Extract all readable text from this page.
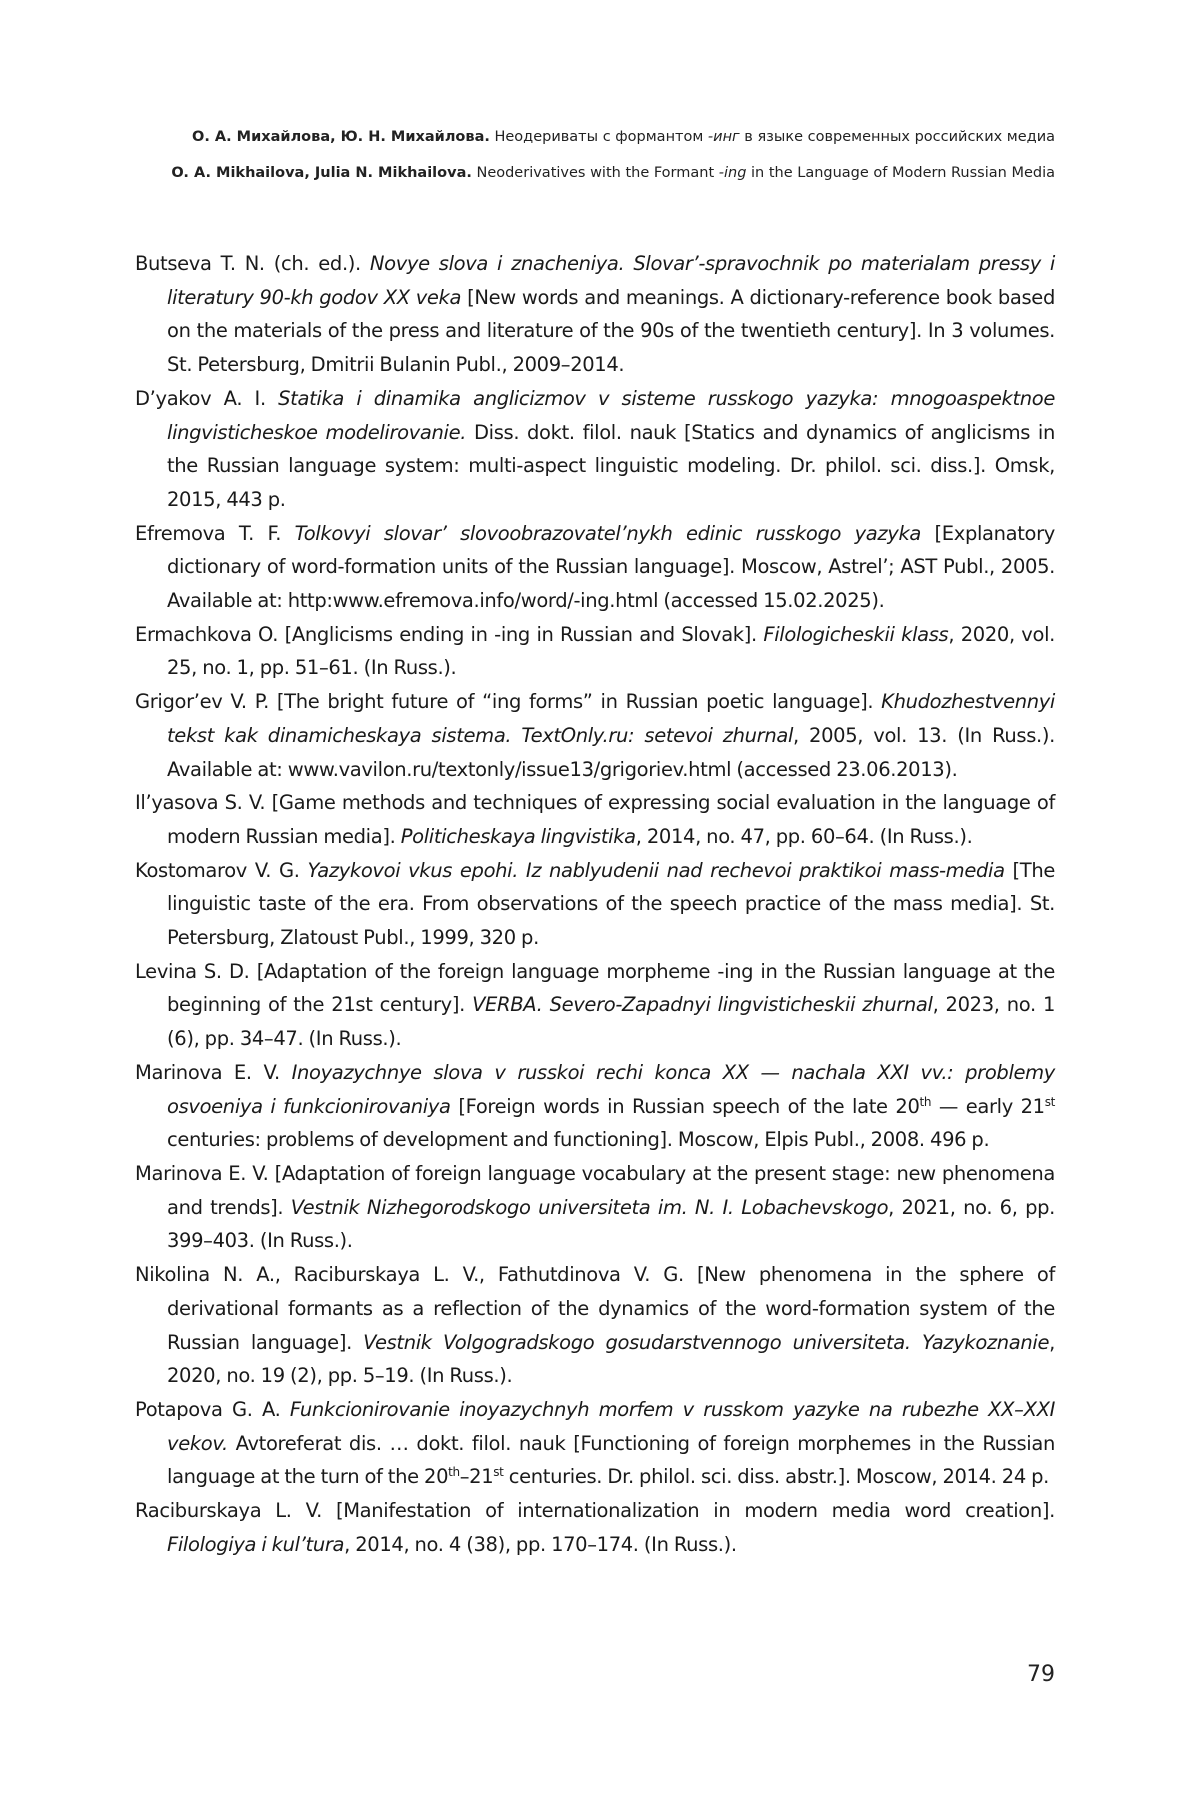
О. А. Михайлова, Ю. Н. Михайлова. Неодериваты с формантом -инг в языке современных российских медиа
O. A. Mikhailova, Julia N. Mikhailova. Neoderivatives with the Formant -ing in the Language of Modern Russian Media

Butseva T. N. (ch. ed.). Novye slova i znacheniya. Slovar’-spravochnik po materialam pressy i literatury 90-kh godov XX veka [New words and meanings. A dictionary-reference book based on the materials of the press and literature of the 90s of the twentieth century]. In 3 volumes. St. Petersburg, Dmitrii Bulanin Publ., 2009–2014.

D’yakov A. I. Statika i dinamika anglicizmov v sisteme russkogo yazyka: mnogoaspektnoe lingvisticheskoe modelirovanie. Diss. dokt. filol. nauk [Statics and dynamics of anglicisms in the Russian language system: multi-aspect linguistic modeling. Dr. philol. sci. diss.]. Omsk, 2015, 443 p.

Efremova T. F. Tolkovyi slovar’ slovoobrazovatel’nykh edinic russkogo yazyka [Explanatory dictionary of word-formation units of the Russian language]. Moscow, Astrel’; AST Publ., 2005. Available at: http:www.efremova.info/word/-ing.html (accessed 15.02.2025).

Ermachkova O. [Anglicisms ending in -ing in Russian and Slovak]. Filologicheskii klass, 2020, vol. 25, no. 1, pp. 51–61. (In Russ.).

Grigor’ev V. P. [The bright future of “ing forms” in Russian poetic language]. Khudozhestvennyi tekst kak dinamicheskaya sistema. TextOnly.ru: setevoi zhurnal, 2005, vol. 13. (In Russ.). Available at: www.vavilon.ru/textonly/issue13/grigoriev.html (accessed 23.06.2013).

Il’yasova S. V. [Game methods and techniques of expressing social evaluation in the language of modern Russian media]. Politicheskaya lingvistika, 2014, no. 47, pp. 60–64. (In Russ.).

Kostomarov V. G. Yazykovoi vkus epohi. Iz nablyudenii nad rechevoi praktikoi mass-media [The linguistic taste of the era. From observations of the speech practice of the mass media]. St. Petersburg, Zlatoust Publ., 1999, 320 p.

Levina S. D. [Adaptation of the foreign language morpheme -ing in the Russian language at the beginning of the 21st century]. VERBA. Severo-Zapadnyi lingvisticheskii zhurnal, 2023, no. 1 (6), pp. 34–47. (In Russ.).

Marinova E. V. Inoyazychnye slova v russkoi rechi konca XX — nachala XXI vv.: problemy osvoeniya i funkcionirovaniya [Foreign words in Russian speech of the late 20th — early 21st centuries: problems of development and functioning]. Moscow, Elpis Publ., 2008. 496 p.

Marinova E. V. [Adaptation of foreign language vocabulary at the present stage: new phenomena and trends]. Vestnik Nizhegorodskogo universiteta im. N. I. Lobachevskogo, 2021, no. 6, pp. 399–403. (In Russ.).

Nikolina N. A., Raciburskaya L. V., Fathutdinova V. G. [New phenomena in the sphere of derivational formants as a reflection of the dynamics of the word-formation system of the Russian language]. Vestnik Volgogradskogo gosudarstvennogo universiteta. Yazykoznanie, 2020, no. 19 (2), pp. 5–19. (In Russ.).

Potapova G. A. Funkcionirovanie inoyazychnyh morfem v russkom yazyke na rubezhe XX–XXI vekov. Avtoreferat dis. … dokt. filol. nauk [Functioning of foreign morphemes in the Russian language at the turn of the 20th–21st centuries. Dr. philol. sci. diss. abstr.]. Moscow, 2014. 24 p.

Raciburskaya L. V. [Manifestation of internationalization in modern media word creation]. Filologiya i kul’tura, 2014, no. 4 (38), pp. 170–174. (In Russ.).

79
